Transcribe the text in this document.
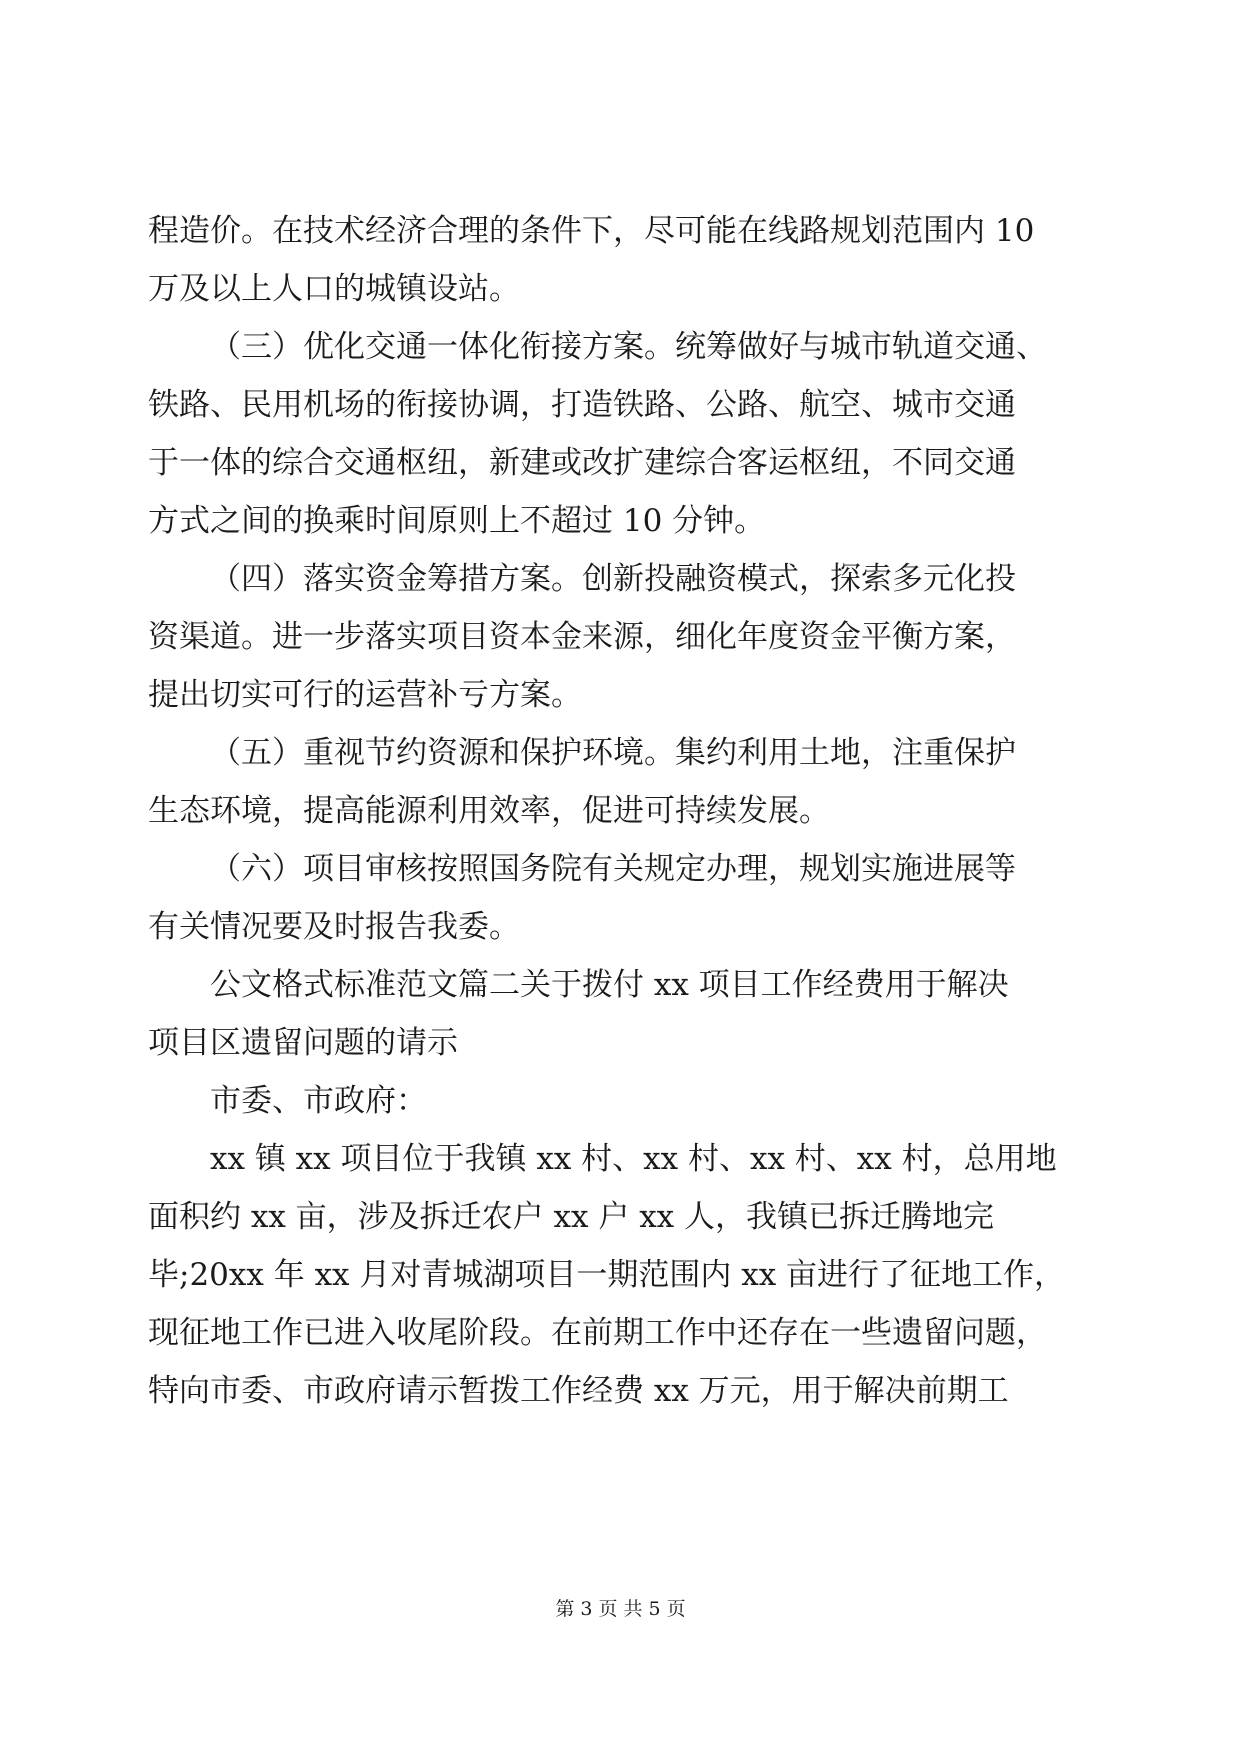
程造价。在技术经济合理的条件下，尽可能在线路规划范围内 10
万及以上人口的城镇设站。
（三）优化交通一体化衔接方案。统筹做好与城市轨道交通、
铁路、民用机场的衔接协调，打造铁路、公路、航空、城市交通
于一体的综合交通枢纽，新建或改扩建综合客运枢纽，不同交通
方式之间的换乘时间原则上不超过 10 分钟。
（四）落实资金筹措方案。创新投融资模式，探索多元化投
资渠道。进一步落实项目资本金来源，细化年度资金平衡方案，
提出切实可行的运营补亏方案。
（五）重视节约资源和保护环境。集约利用土地，注重保护
生态环境，提高能源利用效率，促进可持续发展。
（六）项目审核按照国务院有关规定办理，规划实施进展等
有关情况要及时报告我委。
公文格式标准范文篇二关于拨付 xx 项目工作经费用于解决
项目区遗留问题的请示
市委、市政府：
xx 镇 xx 项目位于我镇 xx 村、xx 村、xx 村、xx 村，总用地
面积约 xx 亩，涉及拆迁农户 xx 户 xx 人，我镇已拆迁腾地完
毕;20xx 年 xx 月对青城湖项目一期范围内 xx 亩进行了征地工作，
现征地工作已进入收尾阶段。在前期工作中还存在一些遗留问题，
特向市委、市政府请示暂拨工作经费 xx 万元，用于解决前期工
第 3 页 共 5 页
